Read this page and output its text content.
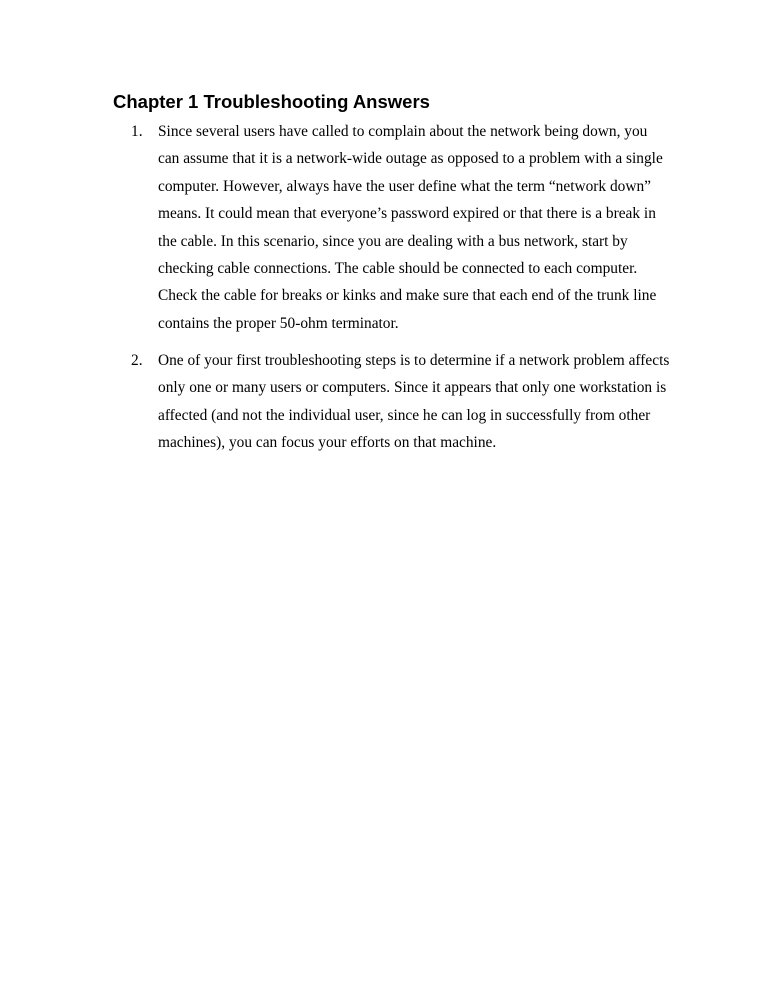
Chapter 1 Troubleshooting Answers
1.	Since several users have called to complain about the network being down, you can assume that it is a network-wide outage as opposed to a problem with a single computer. However, always have the user define what the term “network down” means. It could mean that everyone’s password expired or that there is a break in the cable. In this scenario, since you are dealing with a bus network, start by checking cable connections. The cable should be connected to each computer. Check the cable for breaks or kinks and make sure that each end of the trunk line contains the proper 50-ohm terminator.
2.	One of your first troubleshooting steps is to determine if a network problem affects only one or many users or computers. Since it appears that only one workstation is affected (and not the individual user, since he can log in successfully from other machines), you can focus your efforts on that machine.
